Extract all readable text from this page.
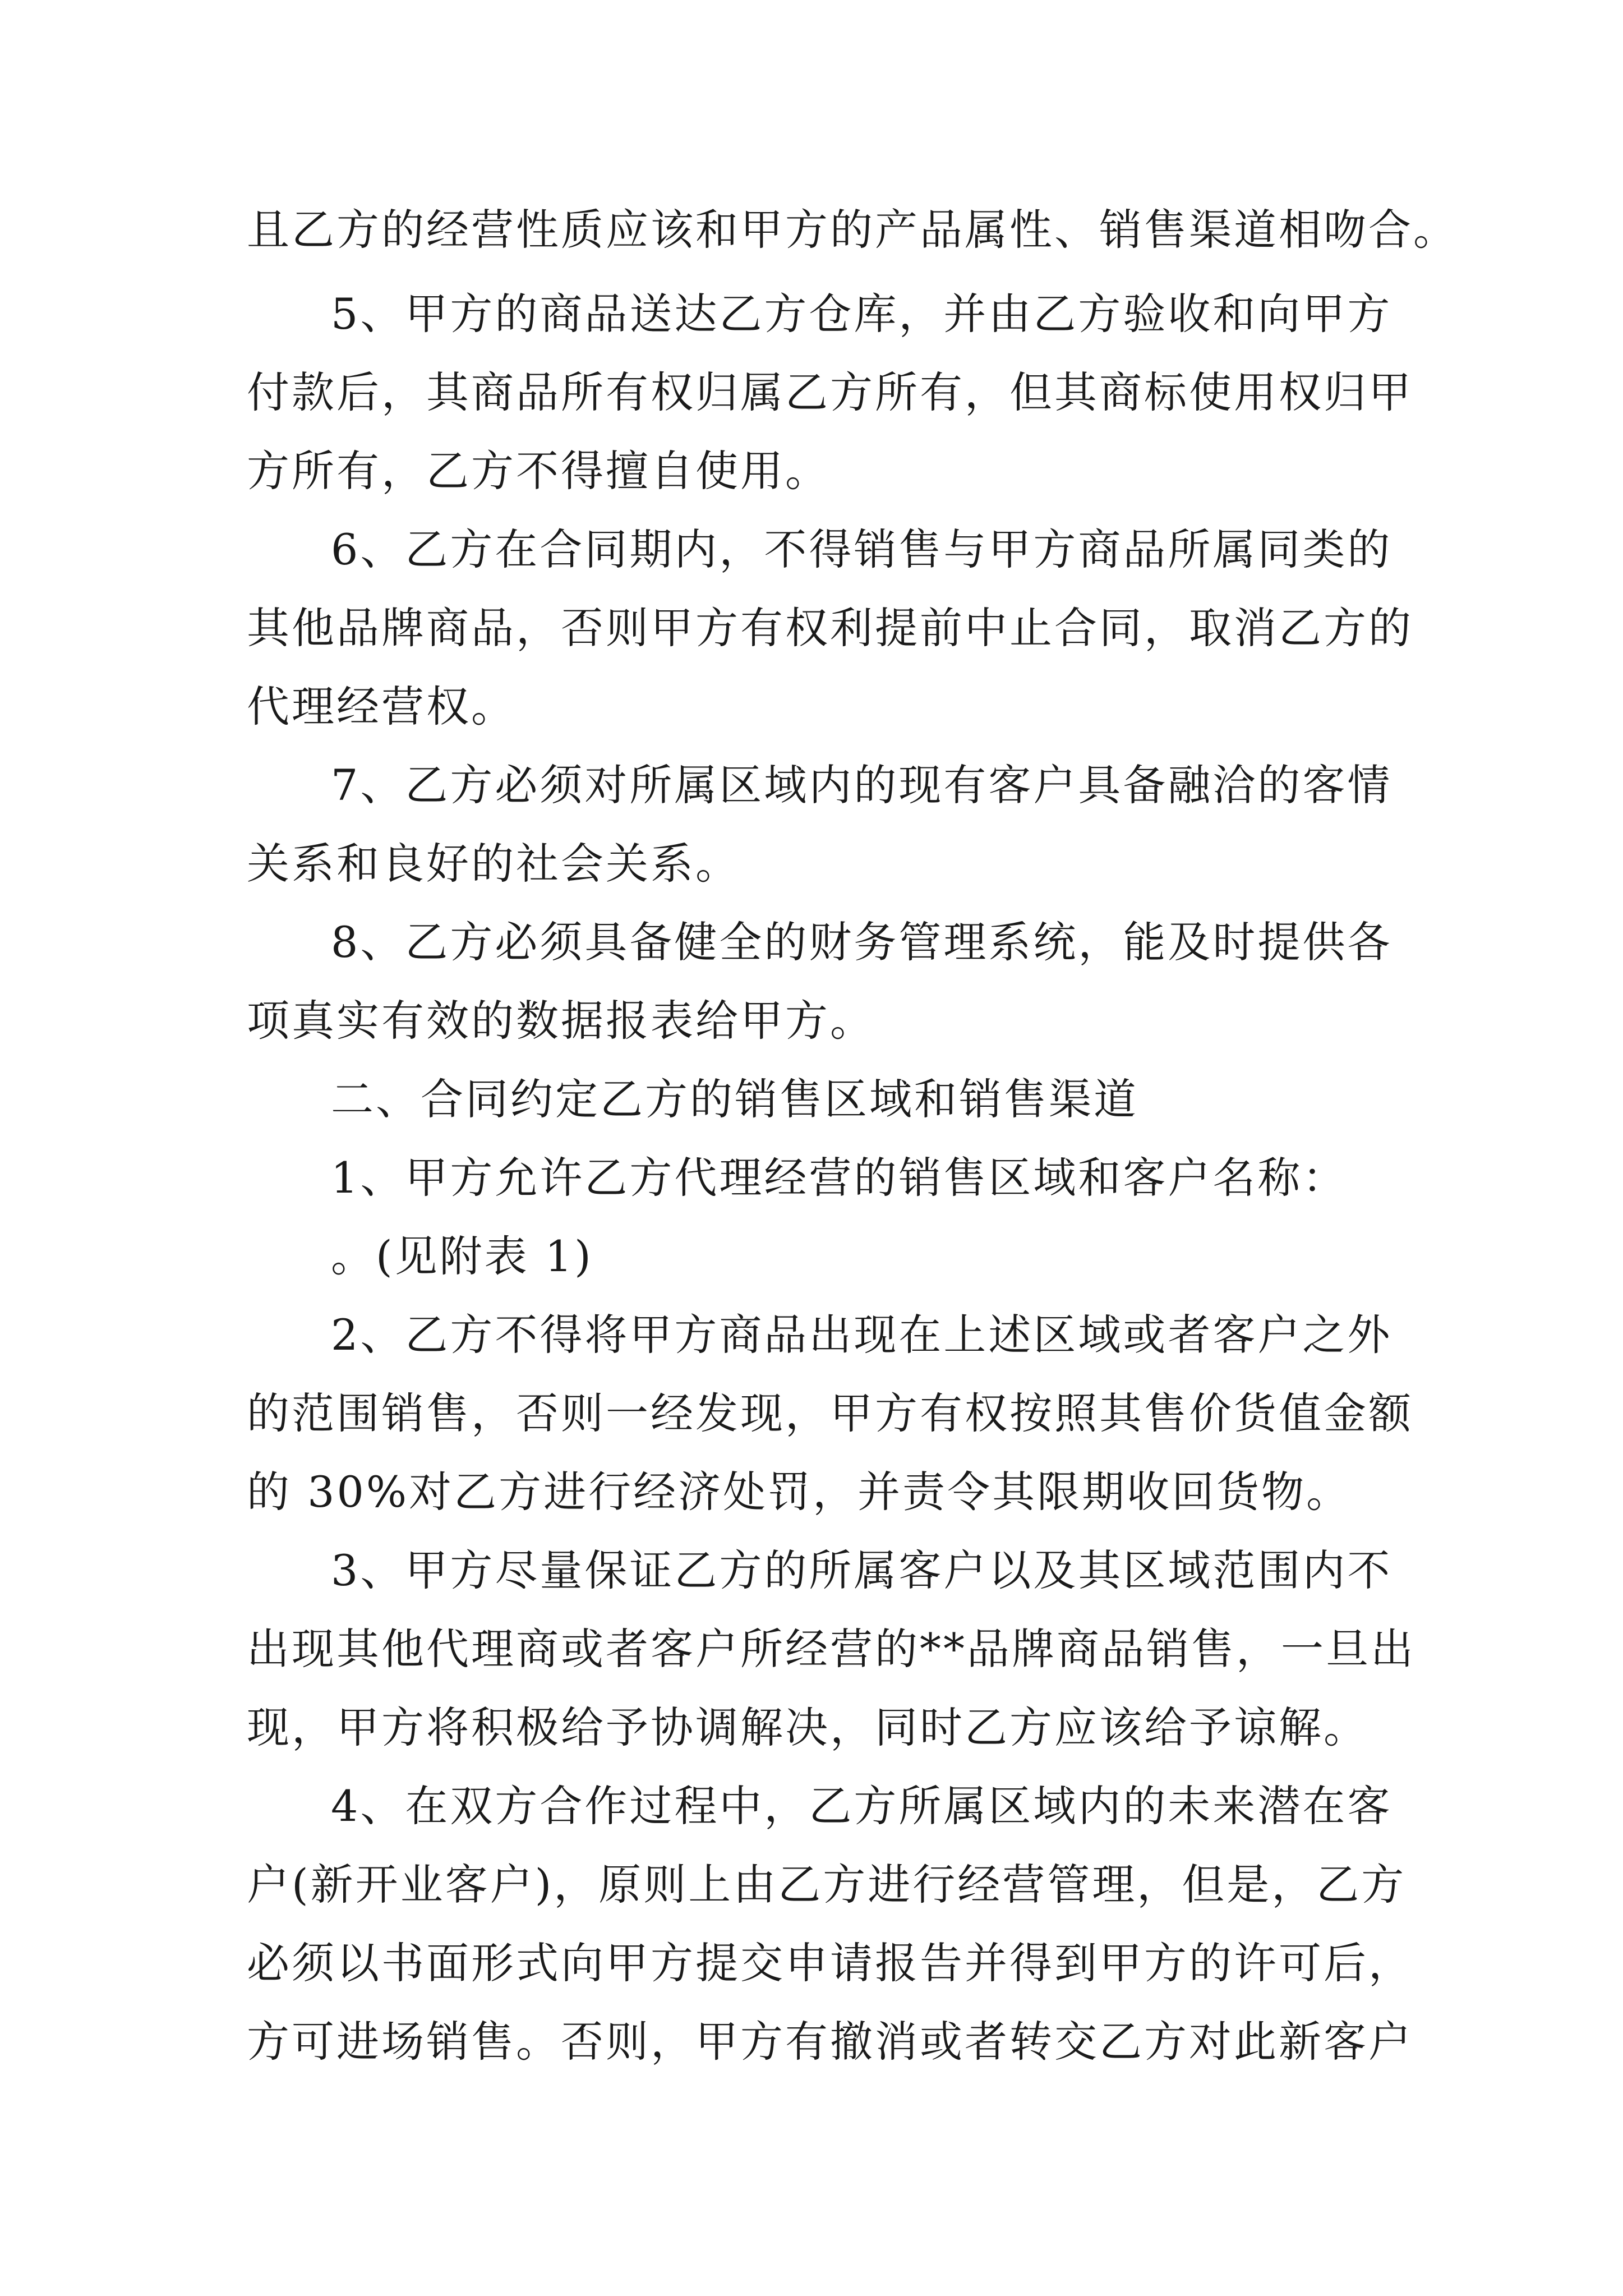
且乙方的经营性质应该和甲方的产品属性、销售渠道相吻合。
5、甲方的商品送达乙方仓库，并由乙方验收和向甲方
付款后，其商品所有权归属乙方所有，但其商标使用权归甲
方所有，乙方不得擅自使用。
6、乙方在合同期内，不得销售与甲方商品所属同类的
其他品牌商品，否则甲方有权利提前中止合同，取消乙方的
代理经营权。
7、乙方必须对所属区域内的现有客户具备融洽的客情
关系和良好的社会关系。
8、乙方必须具备健全的财务管理系统，能及时提供各
项真实有效的数据报表给甲方。
二、合同约定乙方的销售区域和销售渠道
1、甲方允许乙方代理经营的销售区域和客户名称：
。(见附表 1)
2、乙方不得将甲方商品出现在上述区域或者客户之外
的范围销售，否则一经发现，甲方有权按照其售价货值金额
的 30%对乙方进行经济处罚，并责令其限期收回货物。
3、甲方尽量保证乙方的所属客户以及其区域范围内不
出现其他代理商或者客户所经营的**品牌商品销售，一旦出
现，甲方将积极给予协调解决，同时乙方应该给予谅解。
4、在双方合作过程中，乙方所属区域内的未来潜在客
户(新开业客户)，原则上由乙方进行经营管理，但是，乙方
必须以书面形式向甲方提交申请报告并得到甲方的许可后，
方可进场销售。否则，甲方有撤消或者转交乙方对此新客户
